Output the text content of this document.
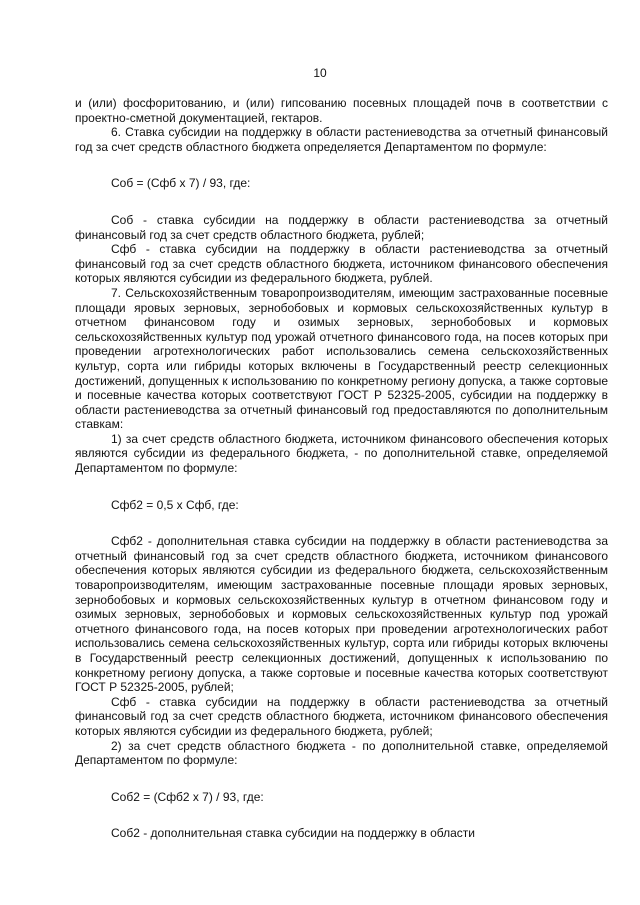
10

и (или) фосфоритованию, и (или) гипсованию посевных площадей почв в соответствии с проектно-сметной документацией, гектаров.

6. Ставка субсидии на поддержку в области растениеводства за отчетный финансовый год за счет средств областного бюджета определяется Департаментом по формуле:

Соб = (Сфб х 7) / 93, где:

Соб - ставка субсидии на поддержку в области растениеводства за отчетный финансовый год за счет средств областного бюджета, рублей;

Сфб - ставка субсидии на поддержку в области растениеводства за отчетный финансовый год за счет средств областного бюджета, источником финансового обеспечения которых являются субсидии из федерального бюджета, рублей.

7. Сельскохозяйственным товаропроизводителям, имеющим застрахованные посевные площади яровых зерновых, зернобобовых и кормовых сельскохозяйственных культур в отчетном финансовом году и озимых зерновых, зернобобовых и кормовых сельскохозяйственных культур под урожай отчетного финансового года, на посев которых при проведении агротехнологических работ использовались семена сельскохозяйственных культур, сорта или гибриды которых включены в Государственный реестр селекционных достижений, допущенных к использованию по конкретному региону допуска, а также сортовые и посевные качества которых соответствуют ГОСТ Р 52325-2005, субсидии на поддержку в области растениеводства за отчетный финансовый год предоставляются по дополнительным ставкам:

1) за счет средств областного бюджета, источником финансового обеспечения которых являются субсидии из федерального бюджета, - по дополнительной ставке, определяемой Департаментом по формуле:

Сфб2 = 0,5 х Сфб, где:

Сфб2 - дополнительная ставка субсидии на поддержку в области растениеводства за отчетный финансовый год за счет средств областного бюджета, источником финансового обеспечения которых являются субсидии из федерального бюджета, сельскохозяйственным товаропроизводителям, имеющим застрахованные посевные площади яровых зерновых, зернобобовых и кормовых сельскохозяйственных культур в отчетном финансовом году и озимых зерновых, зернобобовых и кормовых сельскохозяйственных культур под урожай отчетного финансового года, на посев которых при проведении агротехнологических работ использовались семена сельскохозяйственных культур, сорта или гибриды которых включены в Государственный реестр селекционных достижений, допущенных к использованию по конкретному региону допуска, а также сортовые и посевные качества которых соответствуют ГОСТ Р 52325-2005, рублей;

Сфб - ставка субсидии на поддержку в области растениеводства за отчетный финансовый год за счет средств областного бюджета, источником финансового обеспечения которых являются субсидии из федерального бюджета, рублей;

2) за счет средств областного бюджета - по дополнительной ставке, определяемой Департаментом по формуле:

Соб2 = (Сфб2 х 7) / 93, где:

Соб2 - дополнительная ставка субсидии на поддержку в области
